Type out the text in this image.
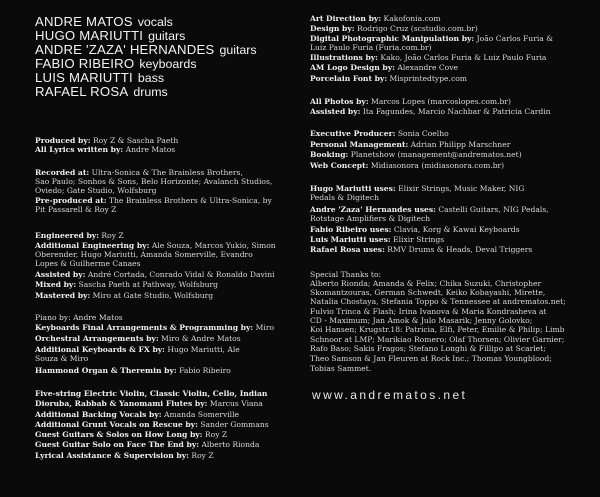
ANDRE MATOS vocals
HUGO MARIUTTI guitars
ANDRE 'ZAZA' HERNANDES guitars
FABIO RIBEIRO keyboards
LUIS MARIUTTI bass
RAFAEL ROSA drums
Produced by: Roy Z & Sascha Paeth
All Lyrics written by: Andre Matos
Recorded at: Ultra-Sonica & The Brainless Brothers,
Sao Paulo; Sonhos & Sons, Belo Horizonte; Avalanch Studios,
Oviedo; Gate Studio, Wolfsburg
Pre-produced at: The Brainless Brothers & Ultra-Sonica, by
Pit Passarell & Roy Z
Engineered by: Roy Z
Additional Engineering by: Ale Souza, Marcos Yukio, Simon
Oberender, Hugo Mariutti, Amanda Somerville, Evandro
Lopes & Guilherme Canaes
Assisted by: André Cortada, Conrado Vidal & Ronaldo Davini
Mixed by: Sascha Paeth at Pathway, Wolfsburg
Mastered by: Miro at Gate Studio, Wolfsburg
Piano by: Andre Matos
Keyboards Final Arrangements & Programming by: Miro
Orchestral Arrangements by: Miro & Andre Matos
Additional Keyboards & FX by: Hugo Mariutti, Ale
Souza & Miro
Hammond Organ & Theremin by: Fabio Ribeiro
Five-string Electric Violin, Classic Violin, Cello, Indian
Dioruba, Rabbab & Yanomami Flutes by: Marcus Viana
Additional Backing Vocals by: Amanda Somerville
Additional Grunt Vocals on Rescue by: Sander Gommans
Guest Guitars & Solos on How Long by: Roy Z
Guest Guitar Solo on Face The End by: Alberto Rionda
Lyrical Assistance & Supervision by: Roy Z
Art Direction by: Kakofonia.com
Design by: Rodrigo Cruz (scstudio.com.br)
Digital Photographic Manipulation by: João Carlos Furia &
Luiz Paulo Furia (Furia.com.br)
Illustrations by: Kako, João Carlos Furia & Luiz Paulo Furia
AM Logo Design by: Alexandre Cove
Porcelain Font by: Misprintedtype.com
All Photos by: Marcos Lopes (marcoslopes.com.br)
Assisted by: Ita Fagundes, Marcio Nachbar & Patricia Cardin
Executive Producer: Sonia Coelho
Personal Management: Adrian Philipp Marschner
Booking: Planetshow (management@andrematos.net)
Web Concept: Midiasonora (midiasonora.com.br)
Hugo Mariutti uses: Elixir Strings, Music Maker, NIG
Pedals & Digitech
Andre 'Zaza' Hernandes uses: Castelli Guitars, NIG Pedals,
Rotstage Amplifiers & Digitech
Fabio Ribeiro uses: Clavia, Korg & Kawai Keyboards
Luis Mariutti uses: Elixir Strings
Rafael Rosa uses: RMV Drums & Heads, Deval Triggers
Special Thanks to:
Alberto Rionda; Amanda & Felix; Chika Suzuki, Christopher
Skomantzouras, German Schwedt, Keiko Kobayashi, Mirette,
Natalia Chostaya, Stefania Toppo & Tennessee at andrematos.net;
Fulvio Trinca & Flash; Irina Ivanova & Maria Kondrasheva at
CD - Maximum; Jan Amok & Julo Masarik; Jenny Golovko;
Koi Hansen; Krugstr.18: Patricia, Elfi, Peter, Emilie & Philip; Limb
Schnoor at LMP; Marikiao Romero; Olaf Thorsen; Olivier Garnier;
Rafo Baso; Sakis Fragos; Stefano Longhi & Fillipo at Scarlet;
Theo Samson & Jan Fleuren at Rock Inc.; Thomas Youngblood;
Tobias Sammet.
www.andrematos.net
